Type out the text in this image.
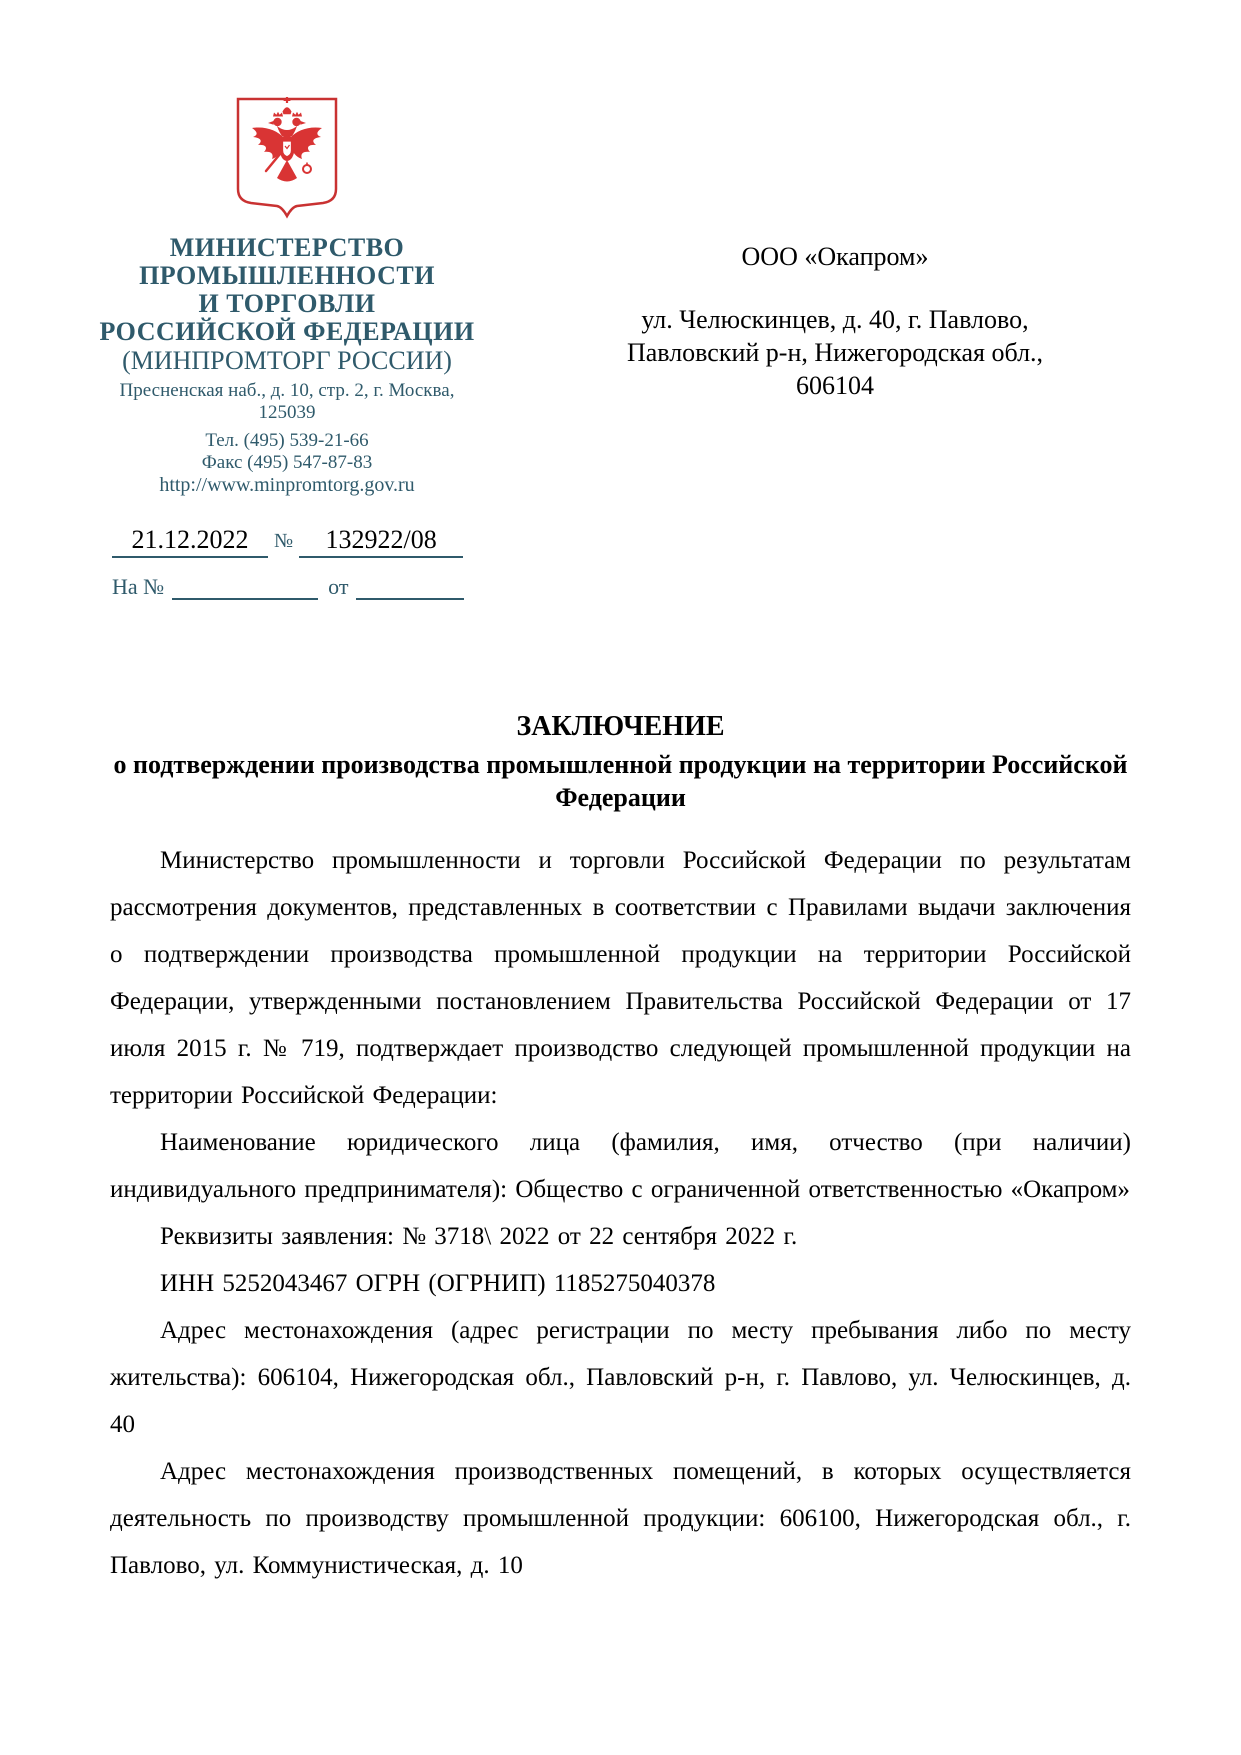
МИНИСТЕРСТВО
ПРОМЫШЛЕННОСТИ
И ТОРГОВЛИ
РОССИЙСКОЙ ФЕДЕРАЦИИ
(МИНПРОМТОРГ РОССИИ)
Пресненская наб., д. 10, стр. 2, г. Москва, 125039
Тел. (495) 539-21-66
Факс (495) 547-87-83
http://www.minpromtorg.gov.ru
21.12.2022	№	132922/08
На №	от
ООО «Окапром»
ул. Челюскинцев, д. 40, г. Павлово,
Павловский р-н, Нижегородская обл.,
606104
ЗАКЛЮЧЕНИЕ
о подтверждении производства промышленной продукции на территории Российской Федерации

Министерство промышленности и торговли Российской Федерации по результатам рассмотрения документов, представленных в соответствии с Правилами выдачи заключения о подтверждении производства промышленной продукции на территории Российской Федерации, утвержденными постановлением Правительства Российской Федерации от 17 июля 2015 г. № 719, подтверждает производство следующей промышленной продукции на территории Российской Федерации:

Наименование юридического лица (фамилия, имя, отчество (при наличии) индивидуального предпринимателя): Общество с ограниченной ответственностью «Окапром»

Реквизиты заявления: № 3718\ 2022 от 22 сентября 2022 г.

ИНН 5252043467 ОГРН (ОГРНИП) 1185275040378

Адрес местонахождения (адрес регистрации по месту пребывания либо по месту жительства): 606104, Нижегородская обл., Павловский р-н, г. Павлово, ул. Челюскинцев, д. 40

Адрес местонахождения производственных помещений, в которых осуществляется деятельность по производству промышленной продукции: 606100, Нижегородская обл., г. Павлово, ул. Коммунистическая, д. 10
